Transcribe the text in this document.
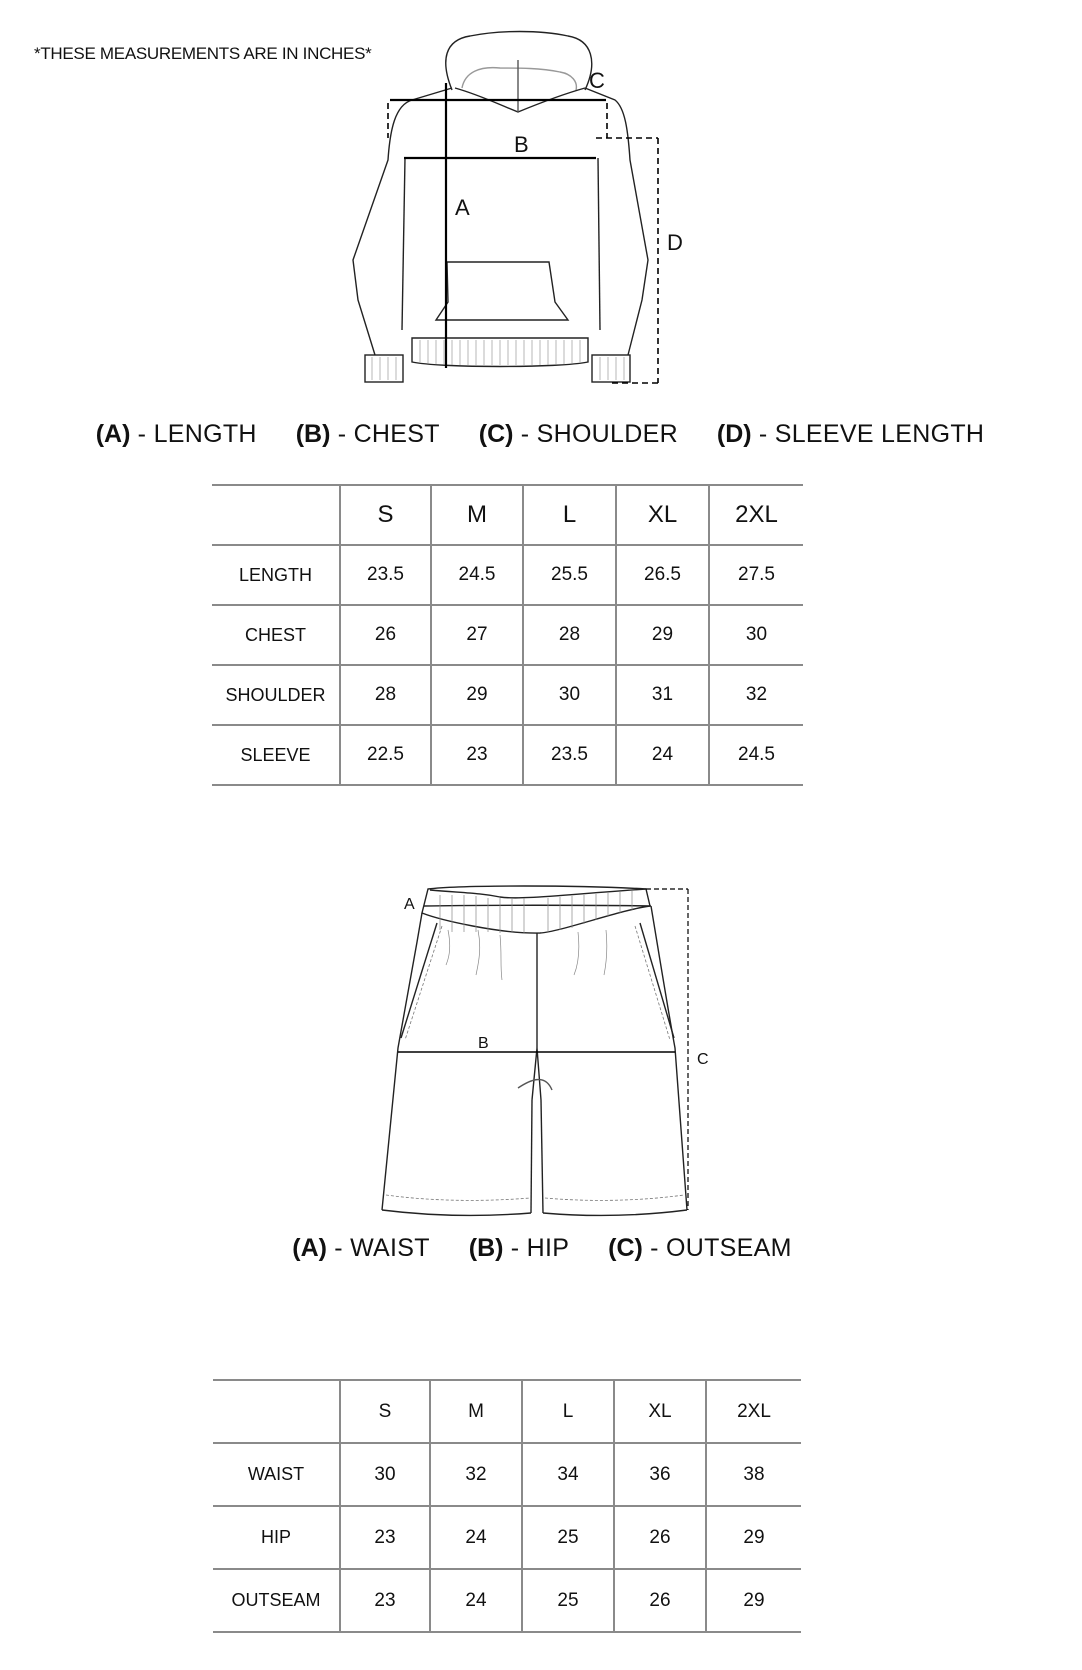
*THESE MEASUREMENTS ARE IN INCHES*
A
B
C
D
(A) - LENGTH (B) - CHEST (C) - SHOULDER (D) - SLEEVE LENGTH
	S	M	L	XL	2XL
LENGTH	23.5	24.5	25.5	26.5	27.5
CHEST	26	27	28	29	30
SHOULDER	28	29	30	31	32
SLEEVE	22.5	23	23.5	24	24.5
A
B
C
(A) - WAIST (B) - HIP (C) - OUTSEAM
	S	M	L	XL	2XL
WAIST	30	32	34	36	38
HIP	23	24	25	26	29
OUTSEAM	23	24	25	26	29
